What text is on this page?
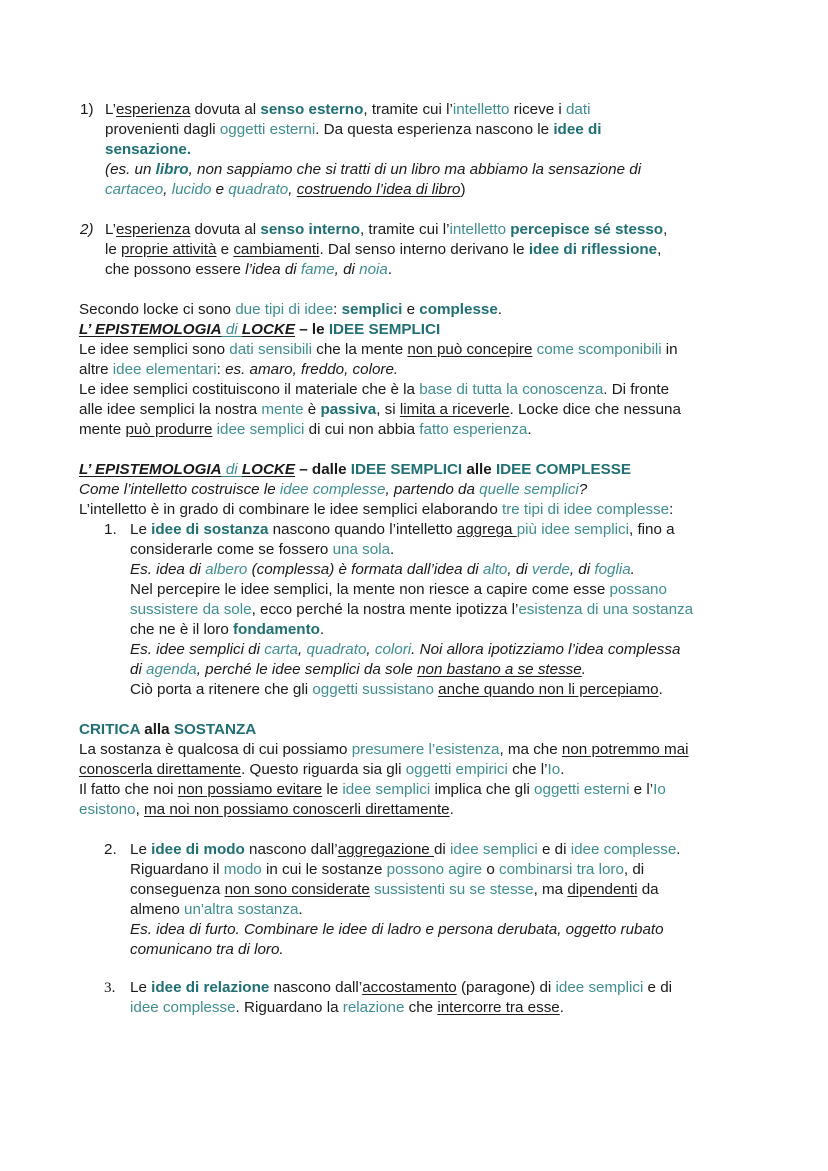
1) L’esperienza dovuta al senso esterno, tramite cui l’intelletto riceve i dati
provenienti dagli oggetti esterni. Da questa esperienza nascono le idee di
sensazione.
(es. un libro, non sappiamo che si tratti di un libro ma abbiamo la sensazione di
cartaceo, lucido e quadrato, costruendo l’idea di libro)
2) L’esperienza dovuta al senso interno, tramite cui l’intelletto percepisce sé stesso,
le proprie attività e cambiamenti. Dal senso interno derivano le idee di riflessione,
che possono essere l’idea di fame, di noia.
Secondo locke ci sono due tipi di idee: semplici e complesse.
L’ EPISTEMOLOGIA di LOCKE – le IDEE SEMPLICI
Le idee semplici sono dati sensibili che la mente non può concepire come scomponibili in
altre idee elementari: es. amaro, freddo, colore.
Le idee semplici costituiscono il materiale che è la base di tutta la conoscenza. Di fronte
alle idee semplici la nostra mente è passiva, si limita a riceverle. Locke dice che nessuna
mente può produrre idee semplici di cui non abbia fatto esperienza.
L’ EPISTEMOLOGIA di LOCKE – dalle IDEE SEMPLICI alle IDEE COMPLESSE
Come l’intelletto costruisce le idee complesse, partendo da quelle semplici?
L’intelletto è in grado di combinare le idee semplici elaborando tre tipi di idee complesse:
1. Le idee di sostanza nascono quando l’intelletto aggrega più idee semplici, fino a
considerarle come se fossero una sola.
Es. idea di albero (complessa) è formata dall’idea di alto, di verde, di foglia.
Nel percepire le idee semplici, la mente non riesce a capire come esse possano
sussistere da sole, ecco perché la nostra mente ipotizza l’esistenza di una sostanza
che ne è il loro fondamento.
Es. idee semplici di carta, quadrato, colori. Noi allora ipotizziamo l’idea complessa
di agenda, perché le idee semplici da sole non bastano a se stesse.
Ciò porta a ritenere che gli oggetti sussistano anche quando non li percepiamo.
CRITICA alla SOSTANZA
La sostanza è qualcosa di cui possiamo presumere l’esistenza, ma che non potremmo mai
conoscerla direttamente. Questo riguarda sia gli oggetti empirici che l’Io.
Il fatto che noi non possiamo evitare le idee semplici implica che gli oggetti esterni e l’Io
esistono, ma noi non possiamo conoscerli direttamente.
2. Le idee di modo nascono dall’aggregazione di idee semplici e di idee complesse.
Riguardano il modo in cui le sostanze possono agire o combinarsi tra loro, di
conseguenza non sono considerate sussistenti su se stesse, ma dipendenti da
almeno un'altra sostanza.
Es. idea di furto. Combinare le idee di ladro e persona derubata, oggetto rubato
comunicano tra di loro.
3. Le idee di relazione nascono dall’accostamento (paragone) di idee semplici e di
idee complesse. Riguardano la relazione che intercorre tra esse.
